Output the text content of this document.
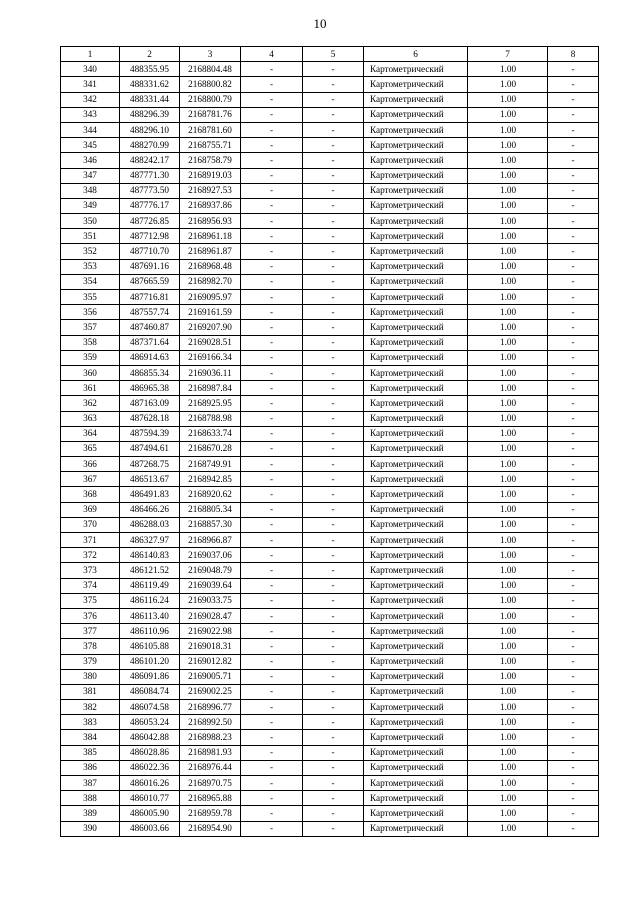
10
1	2	3	4	5	6	7	8
340	488355.95	2168804.48	-	-	Картометрический	1.00	-
341	488331.62	2168800.82	-	-	Картометрический	1.00	-
342	488331.44	2168800.79	-	-	Картометрический	1.00	-
343	488296.39	2168781.76	-	-	Картометрический	1.00	-
344	488296.10	2168781.60	-	-	Картометрический	1.00	-
345	488270.99	2168755.71	-	-	Картометрический	1.00	-
346	488242.17	2168758.79	-	-	Картометрический	1.00	-
347	487771.30	2168919.03	-	-	Картометрический	1.00	-
348	487773.50	2168927.53	-	-	Картометрический	1.00	-
349	487776.17	2168937.86	-	-	Картометрический	1.00	-
350	487726.85	2168956.93	-	-	Картометрический	1.00	-
351	487712.98	2168961.18	-	-	Картометрический	1.00	-
352	487710.70	2168961.87	-	-	Картометрический	1.00	-
353	487691.16	2168968.48	-	-	Картометрический	1.00	-
354	487665.59	2168982.70	-	-	Картометрический	1.00	-
355	487716.81	2169095.97	-	-	Картометрический	1.00	-
356	487557.74	2169161.59	-	-	Картометрический	1.00	-
357	487460.87	2169207.90	-	-	Картометрический	1.00	-
358	487371.64	2169028.51	-	-	Картометрический	1.00	-
359	486914.63	2169166.34	-	-	Картометрический	1.00	-
360	486855.34	2169036.11	-	-	Картометрический	1.00	-
361	486965.38	2168987.84	-	-	Картометрический	1.00	-
362	487163.09	2168925.95	-	-	Картометрический	1.00	-
363	487628.18	2168788.98	-	-	Картометрический	1.00	-
364	487594.39	2168633.74	-	-	Картометрический	1.00	-
365	487494.61	2168670.28	-	-	Картометрический	1.00	-
366	487268.75	2168749.91	-	-	Картометрический	1.00	-
367	486513.67	2168942.85	-	-	Картометрический	1.00	-
368	486491.83	2168920.62	-	-	Картометрический	1.00	-
369	486466.26	2168805.34	-	-	Картометрический	1.00	-
370	486288.03	2168857.30	-	-	Картометрический	1.00	-
371	486327.97	2168966.87	-	-	Картометрический	1.00	-
372	486140.83	2169037.06	-	-	Картометрический	1.00	-
373	486121.52	2169048.79	-	-	Картометрический	1.00	-
374	486119.49	2169039.64	-	-	Картометрический	1.00	-
375	486116.24	2169033.75	-	-	Картометрический	1.00	-
376	486113.40	2169028.47	-	-	Картометрический	1.00	-
377	486110.96	2169022.98	-	-	Картометрический	1.00	-
378	486105.88	2169018.31	-	-	Картометрический	1.00	-
379	486101.20	2169012.82	-	-	Картометрический	1.00	-
380	486091.86	2169005.71	-	-	Картометрический	1.00	-
381	486084.74	2169002.25	-	-	Картометрический	1.00	-
382	486074.58	2168996.77	-	-	Картометрический	1.00	-
383	486053.24	2168992.50	-	-	Картометрический	1.00	-
384	486042.88	2168988.23	-	-	Картометрический	1.00	-
385	486028.86	2168981.93	-	-	Картометрический	1.00	-
386	486022.36	2168976.44	-	-	Картометрический	1.00	-
387	486016.26	2168970.75	-	-	Картометрический	1.00	-
388	486010.77	2168965.88	-	-	Картометрический	1.00	-
389	486005.90	2168959.78	-	-	Картометрический	1.00	-
390	486003.66	2168954.90	-	-	Картометрический	1.00	-
